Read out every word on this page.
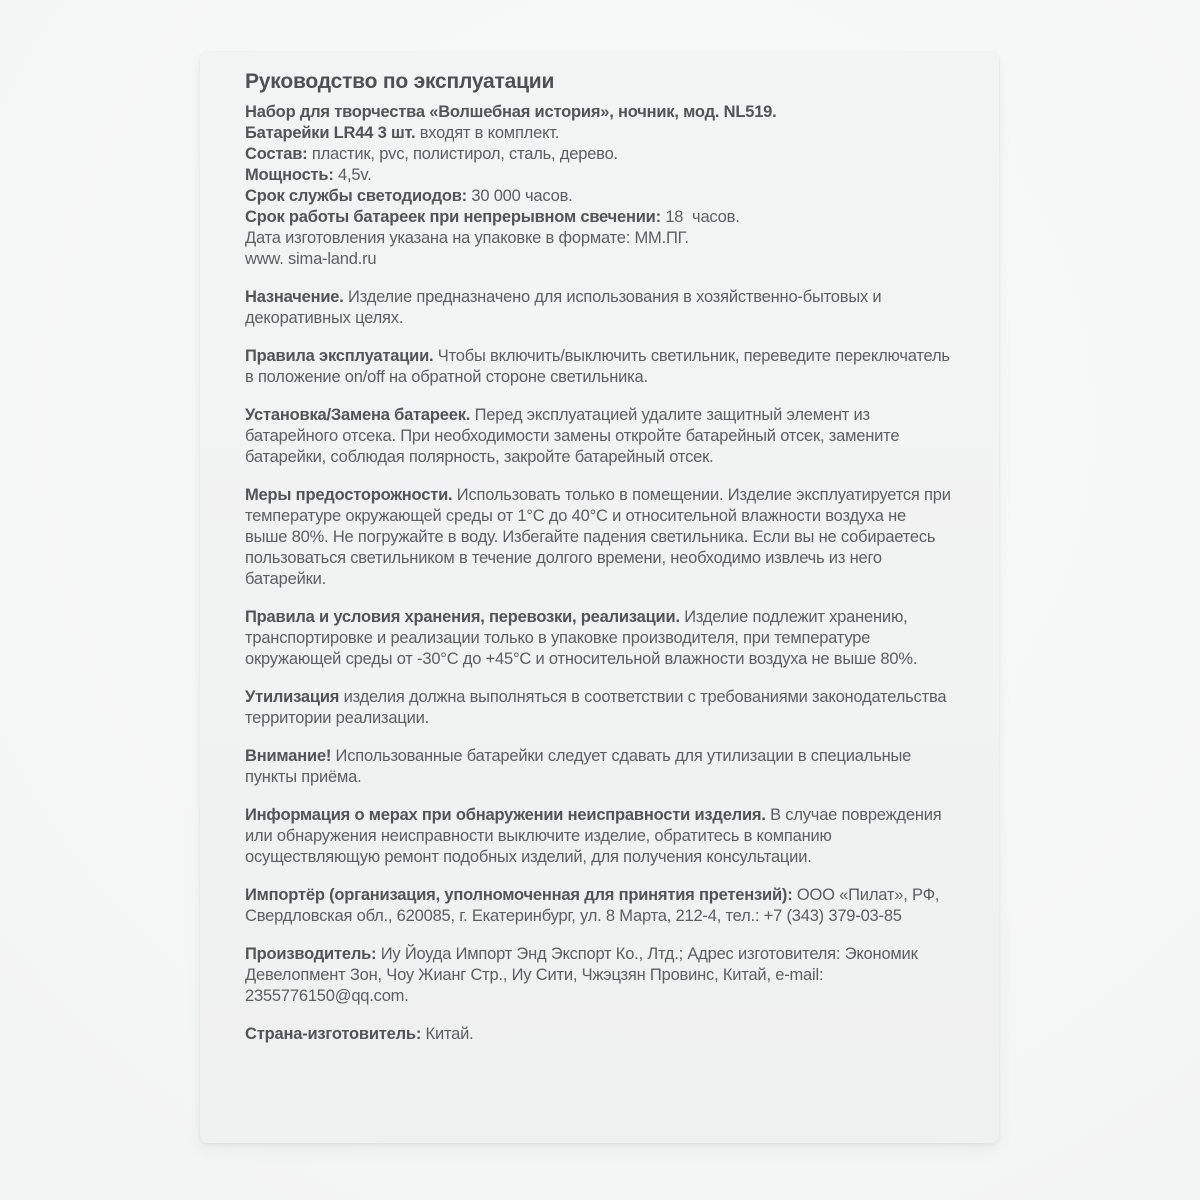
Руководство по эксплуатации

Набор для творчества «Волшебная история», ночник, мод. NL519.

Батарейки LR44 3 шт. входят в комплект.

Состав: пластик, pvc, полистирол, сталь, дерево.

Мощность: 4,5v.

Срок службы светодиодов: 30 000 часов.

Срок работы батареек при непрерывном свечении: 18  часов.

Дата изготовления указана на упаковке в формате: ММ.ПГ.

www. sima-land.ru

Назначение. Изделие предназначено для использования в хозяйственно-бытовых и декоративных целях.

Правила эксплуатации. Чтобы включить/выключить светильник, переведите переключатель в положение on/off на обратной стороне светильника.

Установка/Замена батареек. Перед эксплуатацией удалите защитный элемент из батарейного отсека. При необходимости замены откройте батарейный отсек, замените батарейки, соблюдая полярность, закройте батарейный отсек.

Меры предосторожности. Использовать только в помещении. Изделие эксплуатируется при температуре окружающей среды от 1°С до 40°С и относительной влажности воздуха не выше 80%. Не погружайте в воду. Избегайте падения светильника. Если вы не собираетесь пользоваться светильником в течение долгого времени, необходимо извлечь из него батарейки.

Правила и условия хранения, перевозки, реализации. Изделие подлежит хранению, транспортировке и реализации только в упаковке производителя, при температуре окружающей среды от -30°С до +45°С и относительной влажности воздуха не выше 80%.

Утилизация изделия должна выполняться в соответствии с требованиями законодательства территории реализации.

Внимание! Использованные батарейки следует сдавать для утилизации в специальные пункты приёма.

Информация о мерах при обнаружении неисправности изделия. В случае повреждения или обнаружения неисправности выключите изделие, обратитесь в компанию осуществляющую ремонт подобных изделий, для получения консультации.

Импортёр (организация, уполномоченная для принятия претензий): ООО «Пилат», РФ, Свердловская обл., 620085, г. Екатеринбург, ул. 8 Марта, 212-4, тел.: +7 (343) 379-03-85

Производитель: Иу Йоуда Импорт Энд Экспорт Ко., Лтд.; Адрес изготовителя: Экономик Девелопмент Зон, Чоу Жианг Стр., Иу Сити, Чжэцзян Провинс, Китай, e-mail: 2355776150@qq.com.

Страна-изготовитель: Китай.
